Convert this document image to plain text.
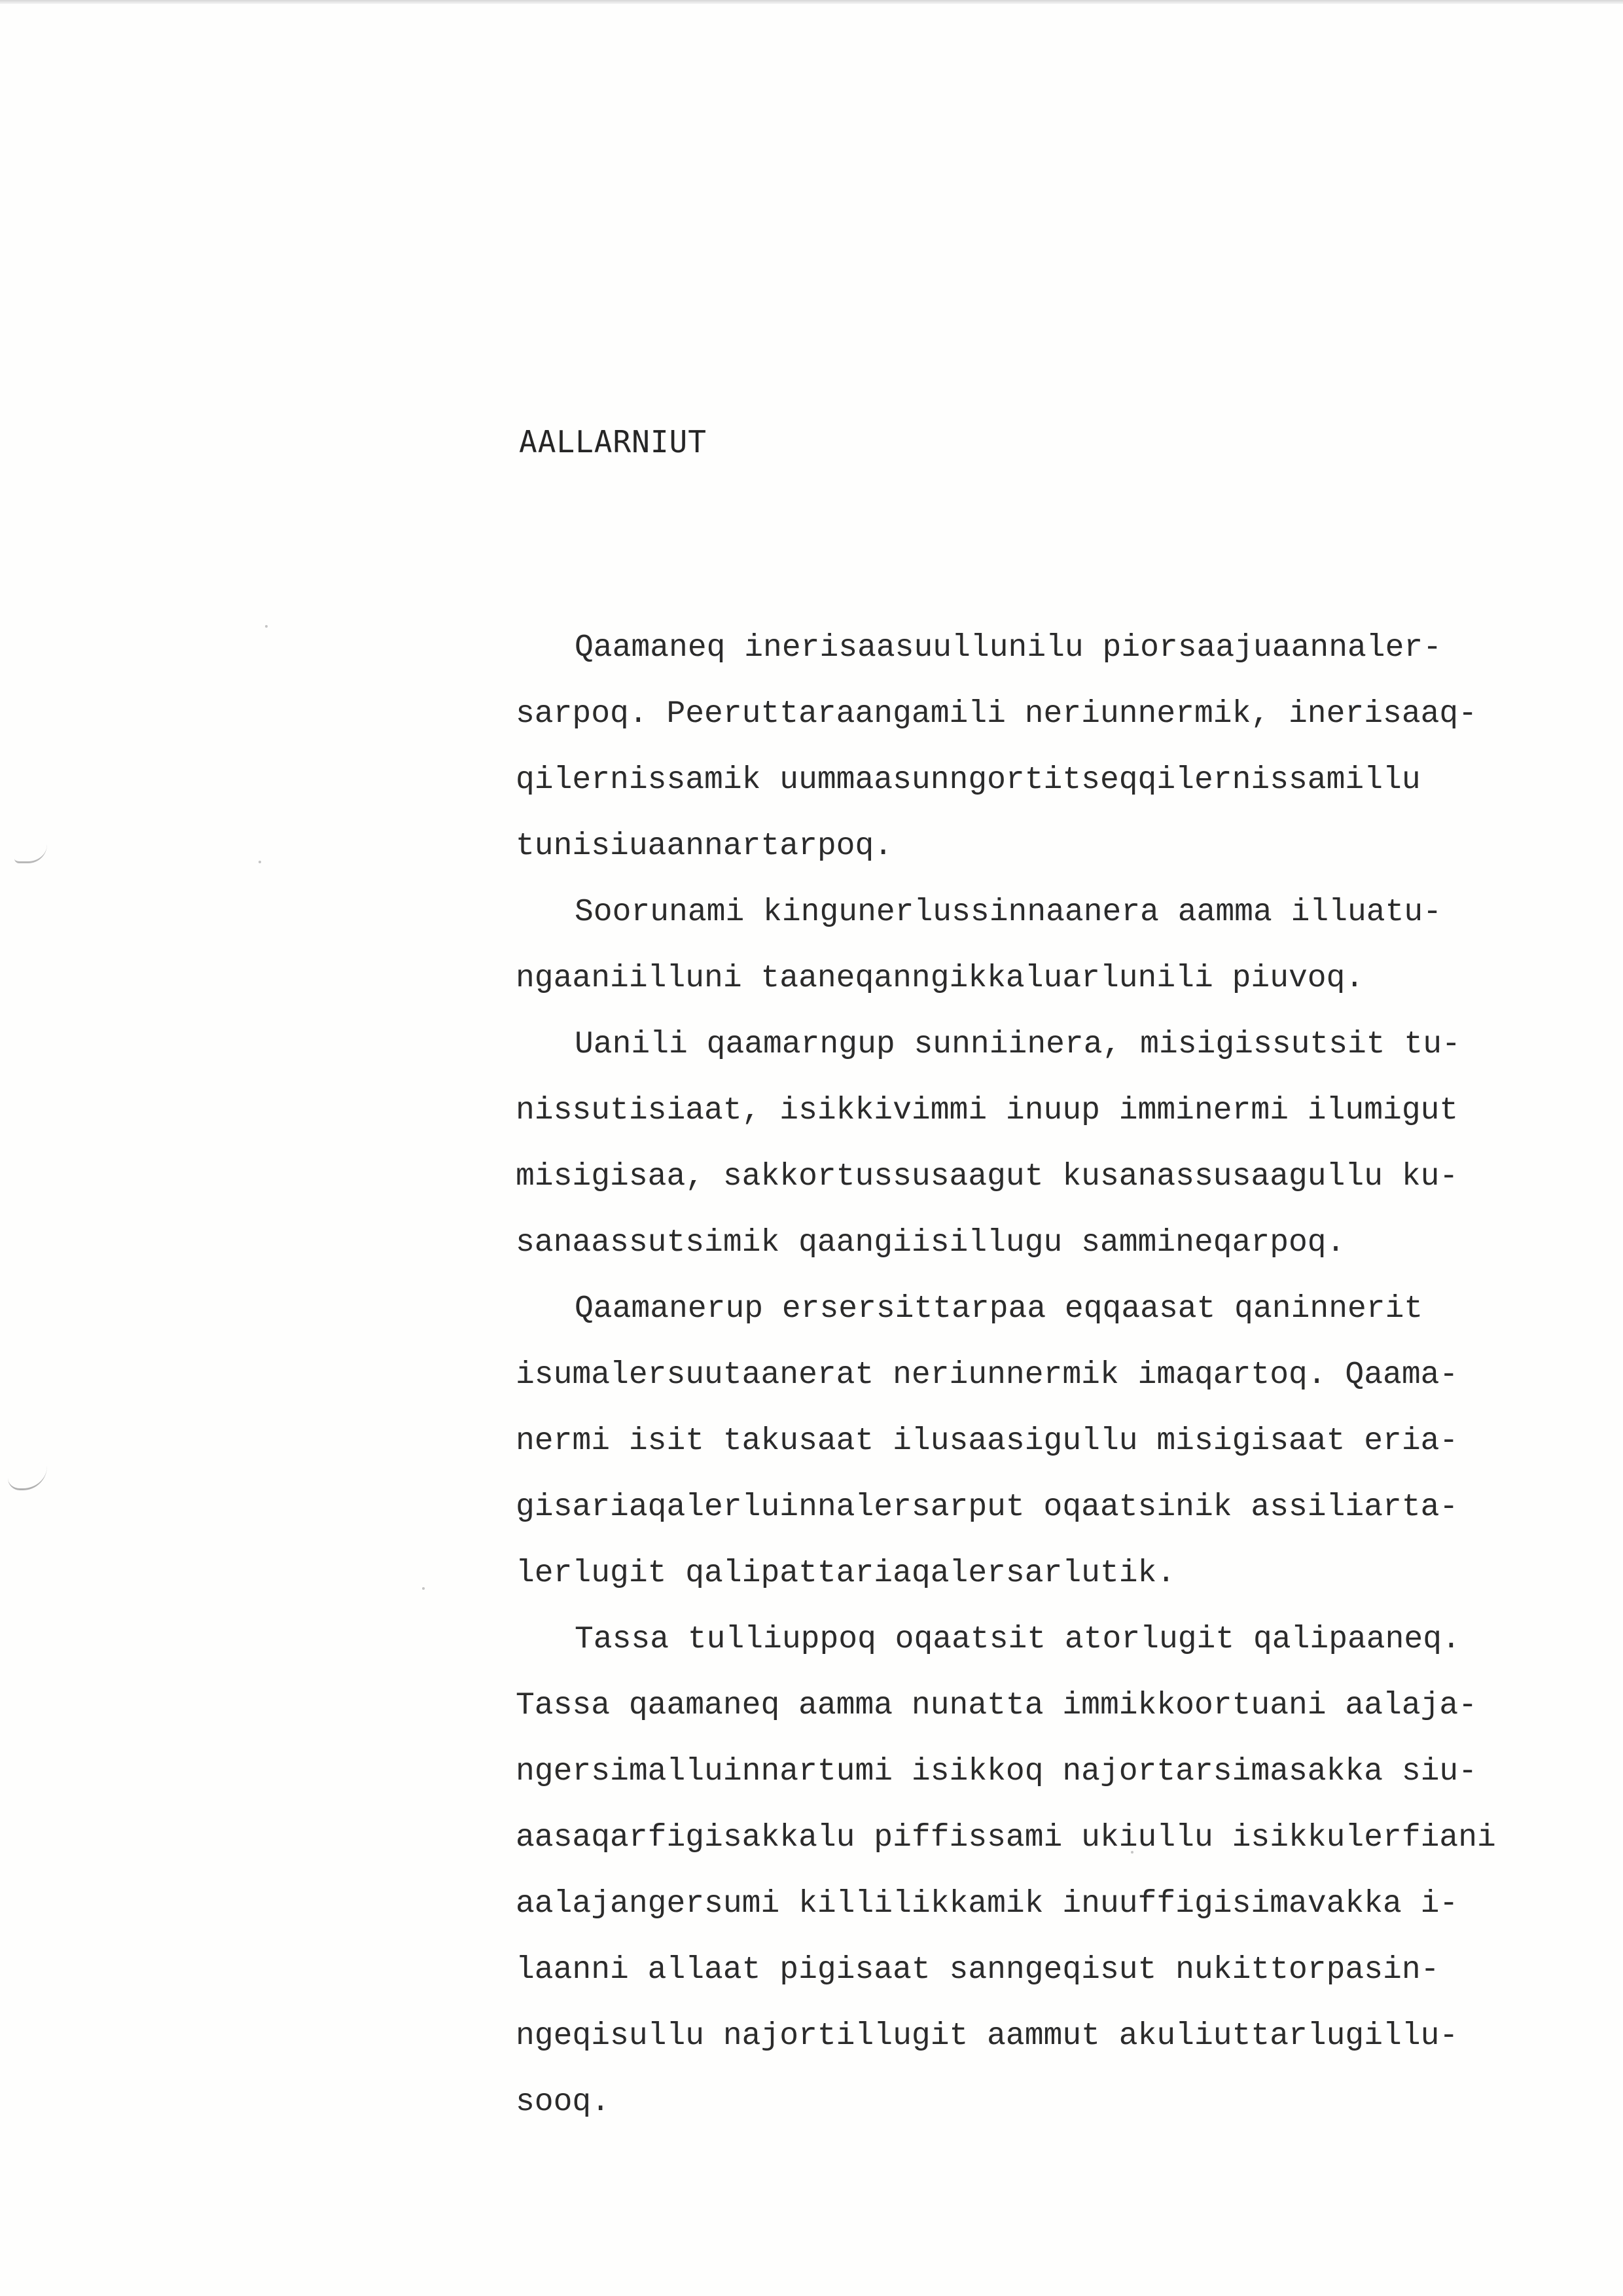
AALLARNIUT
Qaamaneq inerisaasuullunilu piorsaajuaannaler-
sarpoq. Peeruttaraangamili neriunnermik, inerisaaq-
qilernissamik uummaasunngortitseqqilernissamillu
tunisiuaannartarpoq.
Soorunami kingunerlussinnaanera aamma illuatu-
ngaaniilluni taaneqanngikkaluarlunili piuvoq.
Uanili qaamarngup sunniinera, misigissutsit tu-
nissutisiaat, isikkivimmi inuup imminermi ilumigut
misigisaa, sakkortussusaagut kusanassusaagullu ku-
sanaassutsimik qaangiisillugu sammineqarpoq.
Qaamanerup ersersittarpaa eqqaasat qaninnerit
isumalersuutaanerat neriunnermik imaqartoq. Qaama-
nermi isit takusaat ilusaasigullu misigisaat eria-
gisariaqalerluinnalersarput oqaatsinik assiliarta-
lerlugit qalipattariaqalersarlutik.
Tassa tulliuppoq oqaatsit atorlugit qalipaaneq.
Tassa qaamaneq aamma nunatta immikkoortuani aalaja-
ngersimalluinnartumi isikkoq najortarsimasakka siu-
aasaqarfigisakkalu piffissami ukiullu isikkulerfiani
aalajangersumi killilikkamik inuuffigisimavakka i-
laanni allaat pigisaat sanngeqisut nukittorpasin-
ngeqisullu najortillugit aammut akuliuttarlugillu-
sooq.
